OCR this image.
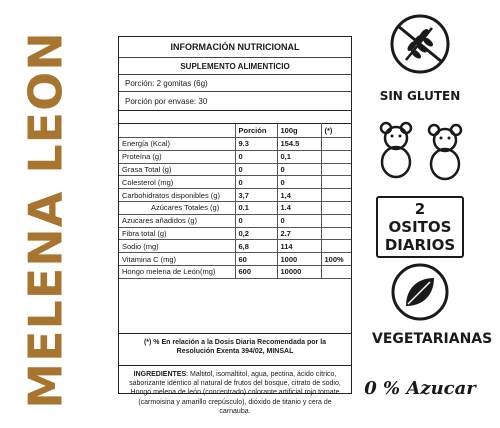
MELENA LEON	INFORMACIÓN NUTRICIONAL
SUPLEMENTO ALIMENTICIO
Porción: 2 gomitas (6g)
Porción por envase: 30
	Porción	100g	(*)
Energía (Kcal)	9.3	154.5	
Proteína (g)	0	0,1	
Grasa Total (g)	0	0	
Colesterol (mg)	0	0	
Carbohidratos disponibles (g)	3,7	1,4	
Azúcares Totales (g)	0.1	1.4	
Azucares añadidos (g)	0	0	
Fibra total (g)	0,2	2.7	
Sodio (mg)	6,8	114	
Vitamina C (mg)	60	1000	100%
Hongo melena de León(mg)	600	10000	
(*) % En relación a la Dosis Diaria Recomendada por la Resolución Exenta 394/02, MINSAL
INGREDIENTES: Maltitol, isomaltitol, agua, pectina, ácido cítrico, saborizante idéntico al natural de frutos del bosque, citrato de sodio, Hongo melena de león (concentrado) colorante artificial rojo tomate (carmoisina y amarillo crepúsculo), dióxido de titanio y cera de carnauba.
SIN GLUTEN
2 OSITOS
DIARIOS
VEGETARIANAS
0 % Azucar
